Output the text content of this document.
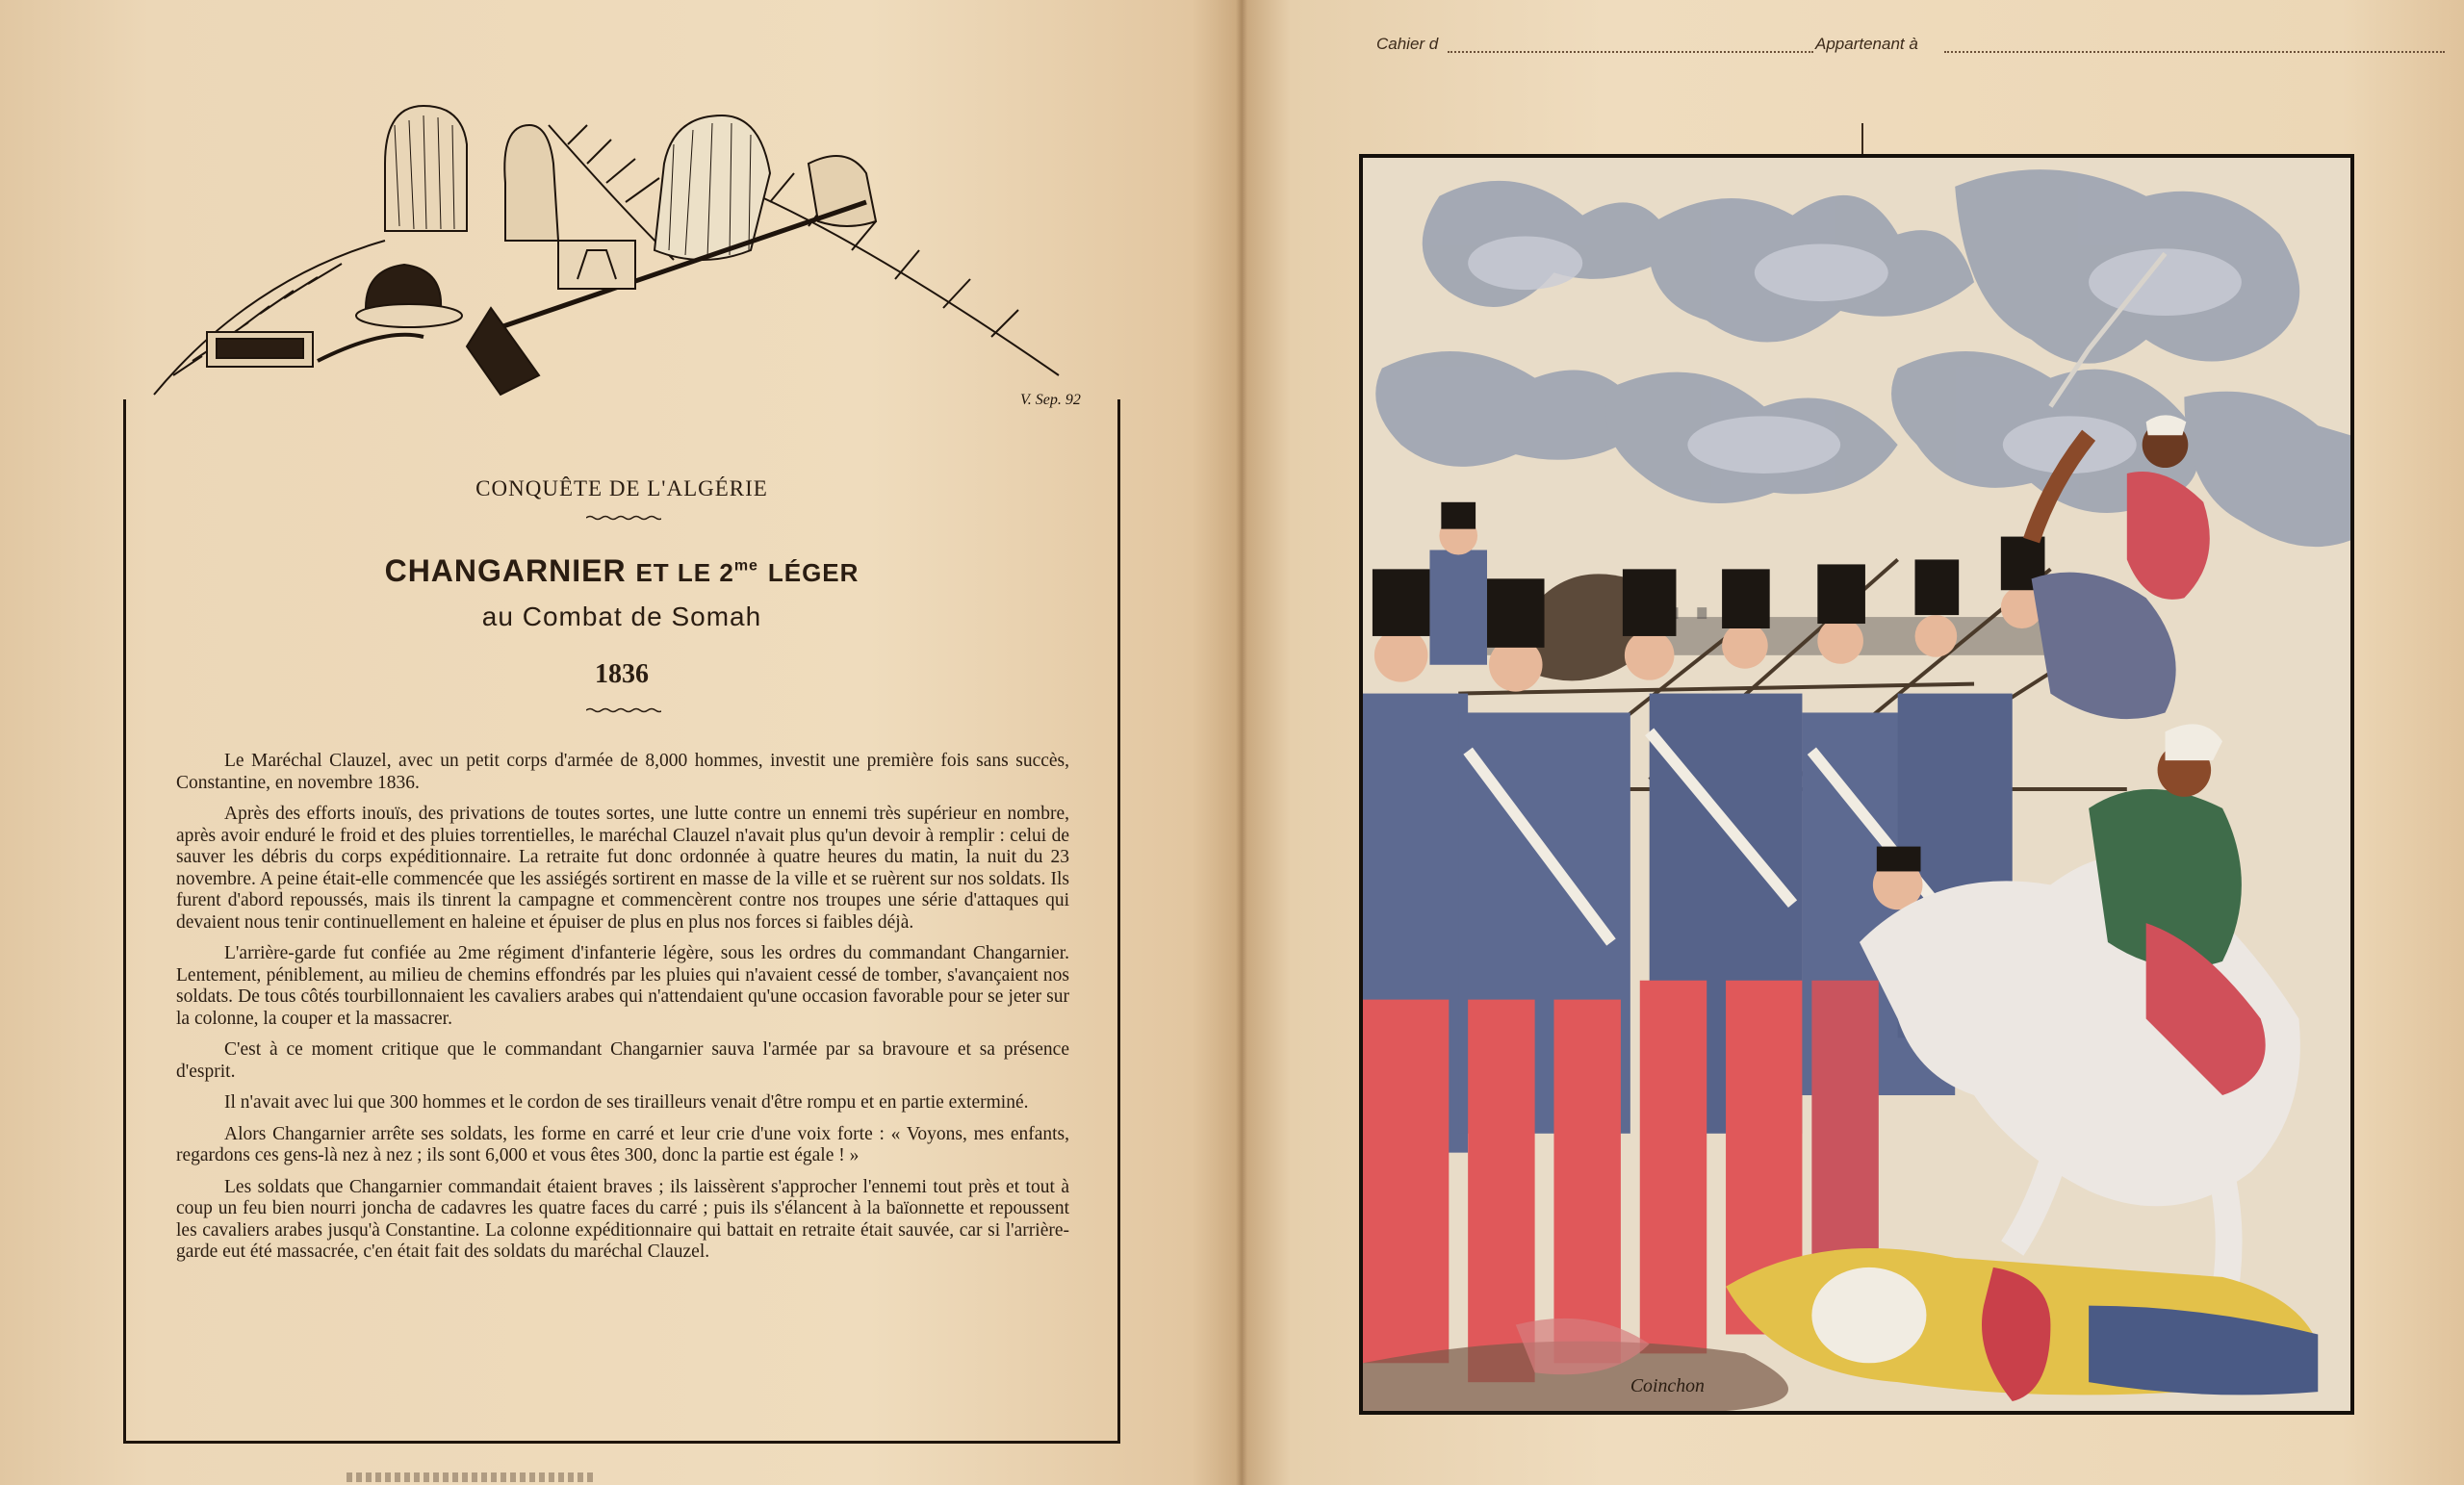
V. Sep. 92
CONQUÊTE DE L'ALGÉRIE
CHANGARNIER ET LE $2^{me}$ LÉGER
au Combat de Somah
1836

Le Maréchal Clauzel, avec un petit corps d'armée de 8,000 hommes, investit une première fois sans succès, Constantine, en novembre 1836.

Après des efforts inouïs, des privations de toutes sortes, une lutte contre un ennemi très supérieur en nombre, après avoir enduré le froid et des pluies torrentielles, le maréchal Clauzel n'avait plus qu'un devoir à remplir : celui de sauver les débris du corps expéditionnaire. La retraite fut donc ordonnée à quatre heures du matin, la nuit du 23 novembre. A peine était-elle commencée que les assiégés sortirent en masse de la ville et se ruèrent sur nos soldats. Ils furent d'abord repoussés, mais ils tinrent la campagne et commencèrent contre nos troupes une série d'attaques qui devaient nous tenir continuellement en haleine et épuiser de plus en plus nos forces si faibles déjà.

L'arrière-garde fut confiée au 2me régiment d'infanterie légère, sous les ordres du commandant Changarnier. Lentement, péniblement, au milieu de chemins effondrés par les pluies qui n'avaient cessé de tomber, s'avançaient nos soldats. De tous côtés tourbillonnaient les cavaliers arabes qui n'attendaient qu'une occasion favorable pour se jeter sur la colonne, la couper et la massacrer.

C'est à ce moment critique que le commandant Changarnier sauva l'armée par sa bravoure et sa présence d'esprit.

Il n'avait avec lui que 300 hommes et le cordon de ses tirailleurs venait d'être rompu et en partie exterminé.

Alors Changarnier arrête ses soldats, les forme en carré et leur crie d'une voix forte : « Voyons, mes enfants, regardons ces gens-là nez à nez ; ils sont 6,000 et vous êtes 300, donc la partie est égale ! »

Les soldats que Changarnier commandait étaient braves ; ils laissèrent s'approcher l'ennemi tout près et tout à coup un feu bien nourri jonchа de cadavres les quatre faces du carré ; puis ils s'élancent à la baïonnette et repoussent les cavaliers arabes jusqu'à Constantine. La colonne expéditionnaire qui battait en retraite était sauvée, car si l'arrière-garde eut été massacrée, c'en était fait des soldats du maréchal Clauzel.

Cahier d	Appartenant à
Coinchon
